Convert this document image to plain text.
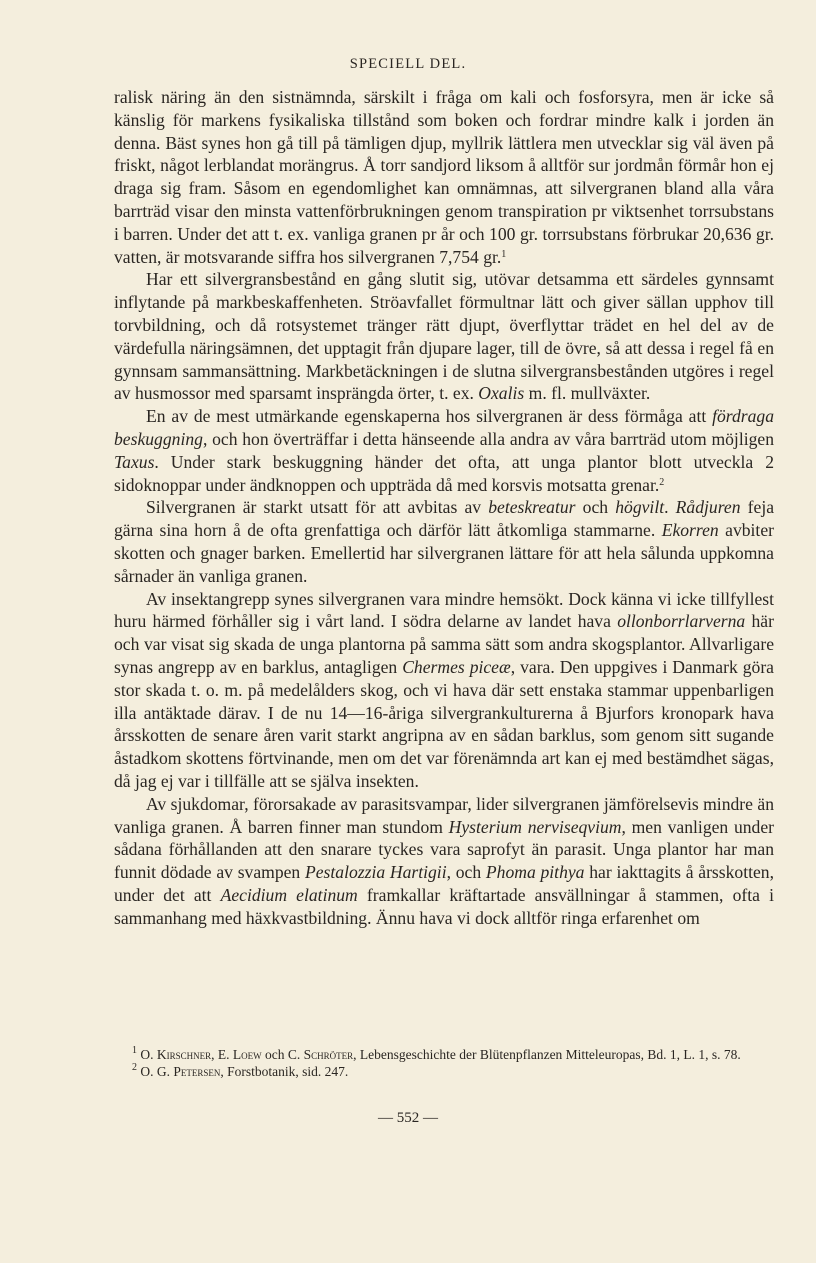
SPECIELL DEL.

ralisk näring än den sistnämnda, särskilt i fråga om kali och fosforsyra, men är icke så känslig för markens fysikaliska tillstånd som boken och fordrar mindre kalk i jorden än denna. Bäst synes hon gå till på tämligen djup, myllrik lättlera men utvecklar sig väl även på friskt, något lerblandat morängrus. Å torr sandjord liksom å alltför sur jordmån förmår hon ej draga sig fram. Såsom en egendomlighet kan omnämnas, att silvergranen bland alla våra barrträd visar den minsta vattenförbrukningen genom transpiration pr viktsenhet torrsubstans i barren. Under det att t. ex. vanliga granen pr år och 100 gr. torrsubstans förbrukar 20,636 gr. vatten, är motsvarande siffra hos silvergranen 7,754 gr.$^1$

Har ett silvergransbestånd en gång slutit sig, utövar detsamma ett särdeles gynnsamt inflytande på markbeskaffenheten. Ströavfallet förmultnar lätt och giver sällan upphov till torvbildning, och då rotsystemet tränger rätt djupt, överflyttar trädet en hel del av de värdefulla näringsämnen, det upptagit från djupare lager, till de övre, så att dessa i regel få en gynnsam sammansättning. Markbetäckningen i de slutna silvergransbestånden utgöres i regel av husmossor med sparsamt insprängda örter, t. ex. Oxalis m. fl. mullväxter.

En av de mest utmärkande egenskaperna hos silvergranen är dess förmåga att fördraga beskuggning, och hon överträffar i detta hänseende alla andra av våra barrträd utom möjligen Taxus. Under stark beskuggning händer det ofta, att unga plantor blott utveckla 2 sidoknoppar under ändknoppen och uppträda då med korsvis motsatta grenar.$^2$

Silvergranen är starkt utsatt för att avbitas av beteskreatur och högvilt. Rådjuren feja gärna sina horn å de ofta grenfattiga och därför lätt åtkomliga stammarne. Ekorren avbiter skotten och gnager barken. Emellertid har silvergranen lättare för att hela sålunda uppkomna sårnader än vanliga granen.

Av insektangrepp synes silvergranen vara mindre hemsökt. Dock känna vi icke tillfyllest huru härmed förhåller sig i vårt land. I södra delarne av landet hava ollonborrlarverna här och var visat sig skada de unga plantorna på samma sätt som andra skogsplantor. Allvarligare synas angrepp av en barklus, antagligen Chermes piceæ, vara. Den uppgives i Danmark göra stor skada t. o. m. på medelålders skog, och vi hava där sett enstaka stammar uppenbarligen illa antäktade därav. I de nu 14—16-åriga silvergrankulturerna å Bjurfors kronopark hava årsskotten de senare åren varit starkt angripna av en sådan barklus, som genom sitt sugande åstadkom skottens förtvinande, men om det var förenämnda art kan ej med bestämdhet sägas, då jag ej var i tillfälle att se själva insekten.

Av sjukdomar, förorsakade av parasitsvampar, lider silvergranen jämförelsevis mindre än vanliga granen. Å barren finner man stundom Hysterium nerviseqvium, men vanligen under sådana förhållanden att den snarare tyckes vara saprofyt än parasit. Unga plantor har man funnit dödade av svampen Pestalozzia Hartigii, och Phoma pithya har iakttagits å årsskotten, under det att Aecidium elatinum framkallar kräftartade ansvällningar å stammen, ofta i sammanhang med häxkvastbildning. Ännu hava vi dock alltför ringa erfarenhet om

$^1$ O. Kirschner, E. Loew och C. Schröter, Lebensgeschichte der Blütenpflanzen Mitteleuropas, Bd. 1, L. 1, s. 78.

$^2$ O. G. Petersen, Forstbotanik, sid. 247.

— 552 —
